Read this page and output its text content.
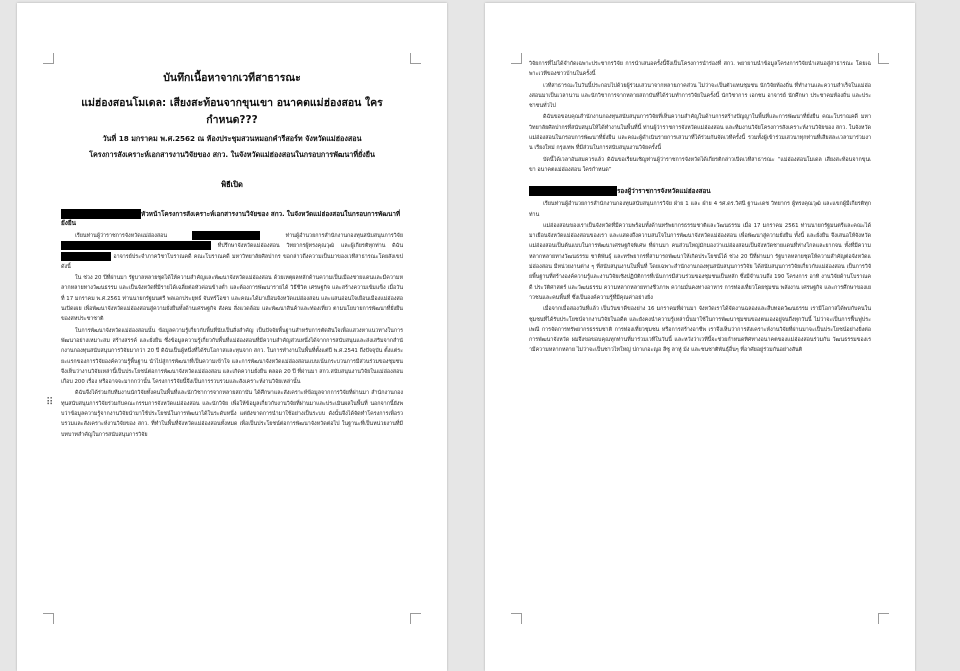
บันทึกเนื้อหาจากเวทีสาธารณะ
แม่ฮ่องสอนโมเดล: เสียงสะท้อนจากขุนเขา อนาคตแม่ฮ่องสอน ใครกำหนด???
วันที่ 18 มกราคม พ.ศ.2562 ณ ห้องประชุมสวนหมอกคำรีสอร์ท จังหวัดแม่ฮ่องสอน
โครงการสังเคราะห์เอกสารงานวิจัยของ สกว. ในจังหวัดแม่ฮ่องสอนในกรอบการพัฒนาที่ยั่งยืน
พิธีเปิด
หัวหน้าโครงการสังเคราะห์เอกสารงานวิจัยของ สกว. ในจังหวัดแม่ฮ่องสอนในกรอบการพัฒนาที่ยั่งยืน

เรียนท่านผู้ว่าราชการจังหวัดแม่ฮ่องสอน	ท่านผู้อำนวยการสำนักงานกองทุนสนับสนุนการวิจัย  ที่ปรึกษาจังหวัดแม่ฮ่องสอน วิทยากรผู้ทรงคุณวุฒิ และผู้เกียรติทุกท่าน ดิฉัน  อาจารย์ประจำภาควิชาโบราณคดี คณะโบราณคดี มหาวิทยาลัยศิลปากร ขอกล่าวถึงความเป็นมาของเวทีสาธารณะโดยสังเขปดังนี้

ใน ช่วง 20 ปีที่ผ่านมา รัฐบาลหลายชุดได้ให้ความสำคัญและพัฒนาจังหวัดแม่ฮ่องสอน ด้วยเหตุผลหลักด้านความเป็นเมืองชายแดนและมีความหลากหลายทางวัฒนธรรม และเป็นจังหวัดที่มีรายได้เฉลี่ยต่อหัวค่อนข้างต่ำ และต้องการพัฒนารายได้ วิธีชีวิต เศรษฐกิจ และสร้างความเข้มแข็ง เมื่อวันที่ 17 มกราคม พ.ศ.2561 ท่านนายกรัฐมนตรี พลเอกประยุทธ์ จันทร์โอชา และคณะได้มาเยือนจังหวัดแม่ฮ่องสอน และแสนอ่อนใจเยือนเมืองแม่ฮ่องสอนเปิดเผย เพื่อพัฒนาจังหวัดแม่ฮ่องสอนสู่ความยั่งยืนทั้งด้านเศรษฐกิจ สังคม สิ่งแวดล้อม และพัฒนาสินค้าและท่องเที่ยว ตามนโยบายการพัฒนาที่ยั่งยืนของสหประชาชาติ

ในการพัฒนาจังหวัดแม่ฮ่องสอนนั้น ข้อมูลความรู้เกี่ยวกับพื้นที่นับเป็นสิ่งสำคัญ เป็นปัจจัยพื้นฐานสำหรับการตัดสินใจเพื่อแสวงหาแนวทางในการพัฒนาอย่างเหมาะสม สร้างสรรค์ และยั่งยืน ซึ่งข้อมูลความรู้เกี่ยวกับพื้นที่แม่ฮ่องสอนที่มีความสำคัญส่วนหนึ่งได้จากการสนับสนุนและส่งเสริมจากสำนักงานกองทุนสนับสนุนการวิจัยมากว่า 20 ปี ดิฉันเป็นผู้หนึ่งที่ได้รับโอกาสและทุนจาก สกว. ในการทำงานในพื้นที่ตั้งแต่ปี พ.ศ.2541 ถึงปัจจุบัน ตั้งแต่ระยะแรกของการวิจัยองค์ความรู้พื้นฐาน นำไปสู่การพัฒนาที่เป็นความเข้าใจ และการพัฒนาจังหวัดแม่ฮ่องสอนแบบเน้นกระบวนการมีส่วนร่วมของชุมชน จึงเห็นว่างานวิจัยเหล่านี้เป็นประโยชน์ต่อการพัฒนาจังหวัดแม่ฮ่องสอน และเกิดความยั่งยืน ตลอด 20 ปี ที่ผ่านมา สกว.สนับสนุนงานวิจัยในแม่ฮ่องสอนเกือบ 200 เรื่อง หรืออาจจะมากกว่านั้น โครงการวิจัยนี้จึงเป็นการรวบรวมและสังเคราะห์งานวิจัยเหล่านั้น

ดิฉันจึงได้ร่วมกับทีมงานนักวิจัยทั้งคนในพื้นที่และนักวิชาการจากหลายสถาบัน ได้ศึกษาและสังเคราะห์ข้อมูลจากการวิจัยที่ผ่านมา สำนักงานกองทุนสนับสนุนการวิจัยร่วมกับคณะกรรมการจังหวัดแม่ฮ่องสอน และนักวิจัย เพื่อให้ข้อมูลเกี่ยวกับงานวิจัยที่ผ่านมาและประเมินผลในพื้นที่ นอกจากนี้ยังพบว่าข้อมูลความรู้จากงานวิจัยนำมาใช้ประโยชน์ในการพัฒนาได้ในระดับหนึ่ง แต่ยังขาดการนำมาใช้อย่างเป็นระบบ ดังนั้นจึงได้จัดทำโครงการเพื่อรวบรวมและสังเคราะห์งานวิจัยของ สกว. ที่ทำในพื้นที่จังหวัดแม่ฮ่องสอนทั้งหมด เพื่อเป็นประโยชน์ต่อการพัฒนาจังหวัดต่อไป ในฐานะที่เป็นหน่วยงานที่มีบทบาทสำคัญในการสนับสนุนการวิจัย

⠿

วิจัยการที่ไม่ได้จำกัดเฉพาะประชากรวิจัย การนำเสนอครั้งนี้จึงเป็นโครงการนำร่องที่ สกว. พยายามนำข้อมูลโครงการวิจัยนำเสนอสู่สาธารณะ โดยเฉพาะเวทีของชาวบ้านในครั้งนี้

เวทีสาธารณะในวันนี้ประกอบไปด้วยผู้ร่วมเสวนาจากหลายภาคส่วน ไม่ว่าจะเป็นตัวแทนชุมชน นักวิจัยท้องถิ่น ที่ทำงานและความสำเร็จในแม่ฮ่องสอนมาเป็นเวลานาน และนักวิชาการจากหลายสถาบันที่ได้ร่วมทำการวิจัยในครั้งนี้ นักวิชาการ เอกชน อาจารย์ นักศึกษา ประชาคมท้องถิ่น และประชาชนทั่วไป

ดิฉันขอขอบคุณสำนักงานกองทุนสนับสนุนการวิจัยที่เห็นความสำคัญในด้านการสร้างปัญญาในพื้นที่และการพัฒนาที่ยั่งยืน คณะโบราณคดี มหาวิทยาลัยศิลปากรที่สนับสนุนให้ได้ทำงานในพื้นที่นี้ ท่านผู้ว่าราชการจังหวัดแม่ฮ่องสอน และทีมงานวิจัยโครงการสังเคราะห์งานวิจัยของ สกว. ในจังหวัดแม่ฮ่องสอนในกรอบการพัฒนาที่ยั่งยืน และคณะผู้ดำเนินรายการเสวนาที่ได้ร่วมกันจัดเวทีครั้งนี้ รวมทั้งผู้เข้าร่วมเสวนาทุกท่านที่เสียสละเวลามาร่วมงาน เรียงใหม่ กรุงเทพ ที่มีส่วนในการสนับสนุนงานวิจัยครั้งนี้

บัดนี้ได้เวลาอันสมควรแล้ว ดิฉันขอเรียนเชิญท่านผู้ว่าราชการจังหวัดได้เกียรติกล่าวเปิดเวทีสาธารณะ “แม่ฮ่องสอนโมเดล เสียงสะท้อนจากขุนเขา อนาคตแม่ฮ่องสอน ใครกำหนด”

รองผู้ว่าราชการจังหวัดแม่ฮ่องสอน

เรียนท่านผู้อำนวยการสำนักงานกองทุนสนับสนุนการวิจัย ฝ่าย 1 และ ฝ่าย 4 รศ.ดร.วิศนี ฐานะเดช วิทยากร ผู้ทรงคุณวุฒิ และแขกผู้มีเกียรติทุกท่าน

แม่ฮ่องสอนของเราเป็นจังหวัดที่มีความพร้อมทั้งด้านทรัพยากรธรรมชาติและวัฒนธรรม เมื่อ 17 มกราคม 2561 ท่านนายกรัฐมนตรีและคณะได้มาเยือนจังหวัดแม่ฮ่องสอนของเรา และแสดงถึงความสนใจในการพัฒนาจังหวัดแม่ฮ่องสอน เพื่อพัฒนาสู่ความยั่งยืน ทั้งนี้ และยั่งยืน จึงเสนอให้จังหวัดแม่ฮ่องสอนเป็นต้นแบบในการพัฒนาเศรษฐกิจพิเศษ ที่ผ่านมา คนส่วนใหญ่มักมองว่าแม่ฮ่องสอนเป็นจังหวัดชายแดนที่ห่างไกลและยากจน ทั้งที่มีความหลากหลายทางวัฒนธรรม ชาติพันธุ์ และทรัพยากรที่สามารถพัฒนาให้เกิดประโยชน์ได้ ช่วง 20 ปีที่ผ่านมา รัฐบาลหลายชุดให้ความสำคัญต่อจังหวัดแม่ฮ่องสอน มีหน่วยงานต่าง ๆ ที่สนับสนุนงานในพื้นที่ โดยเฉพาะสำนักงานกองทุนสนับสนุนการวิจัย ได้สนับสนุนการวิจัยเกี่ยวกับแม่ฮ่องสอน เป็นการวิจัยพื้นฐานที่สร้างองค์ความรู้และงานวิจัยเชิงปฏิบัติการที่เน้นการมีส่วนร่วมของชุมชนเป็นหลัก ซึ่งมีจำนวนถึง 190 โครงการ อาทิ งานวิจัยด้านโบราณคดี ประวัติศาสตร์ และวัฒนธรรม ความหลากหลายทางชีวภาพ ความมั่นคงทางอาหาร การท่องเที่ยวโดยชุมชน พลังงาน เศรษฐกิจ และการศึกษาของเยาวชนและคนพื้นที่ ซึ่งเป็นองค์ความรู้ที่มีคุณค่าอย่างยิ่ง

เมื่อจากเมื่อสองวันที่แล้ว เป็นวันขาดีของย่าง 16 มกราคมที่ผ่านมา จังหวัดเราได้จัดงานฉลองและสืบทอดวัฒนธรรม เรามีโอกาสได้พบกับคนในชุมชนที่ได้รับประโยชน์จากงานวิจัยในอดีต และยังคงนำความรู้เหล่านั้นมาใช้ในการพัฒนาชุมชนของตนเองอยู่จนถึงทุกวันนี้ ไม่ว่าจะเป็นการฟื้นฟูประเพณี การจัดการทรัพยากรธรรมชาติ การท่องเที่ยวชุมชน หรือการสร้างอาชีพ เราจึงเห็นว่าการสังเคราะห์งานวิจัยที่ผ่านมาจะเป็นประโยชน์อย่างยิ่งต่อการพัฒนาจังหวัด ผมจึงขอขอบคุณทุกท่านที่มาร่วมเวทีในวันนี้ และหวังว่าเวทีนี้จะช่วยกำหนดทิศทางอนาคตของแม่ฮ่องสอนร่วมกัน วัฒนธรรมของเรามีความหลากหลาย ไม่ว่าจะเป็นชาวไทใหญ่ ปกาเกอะญอ ลีซู ลาหู่ ม้ง และชนชาติพันธุ์อื่นๆ ที่อาศัยอยู่ร่วมกันอย่างสันติ
